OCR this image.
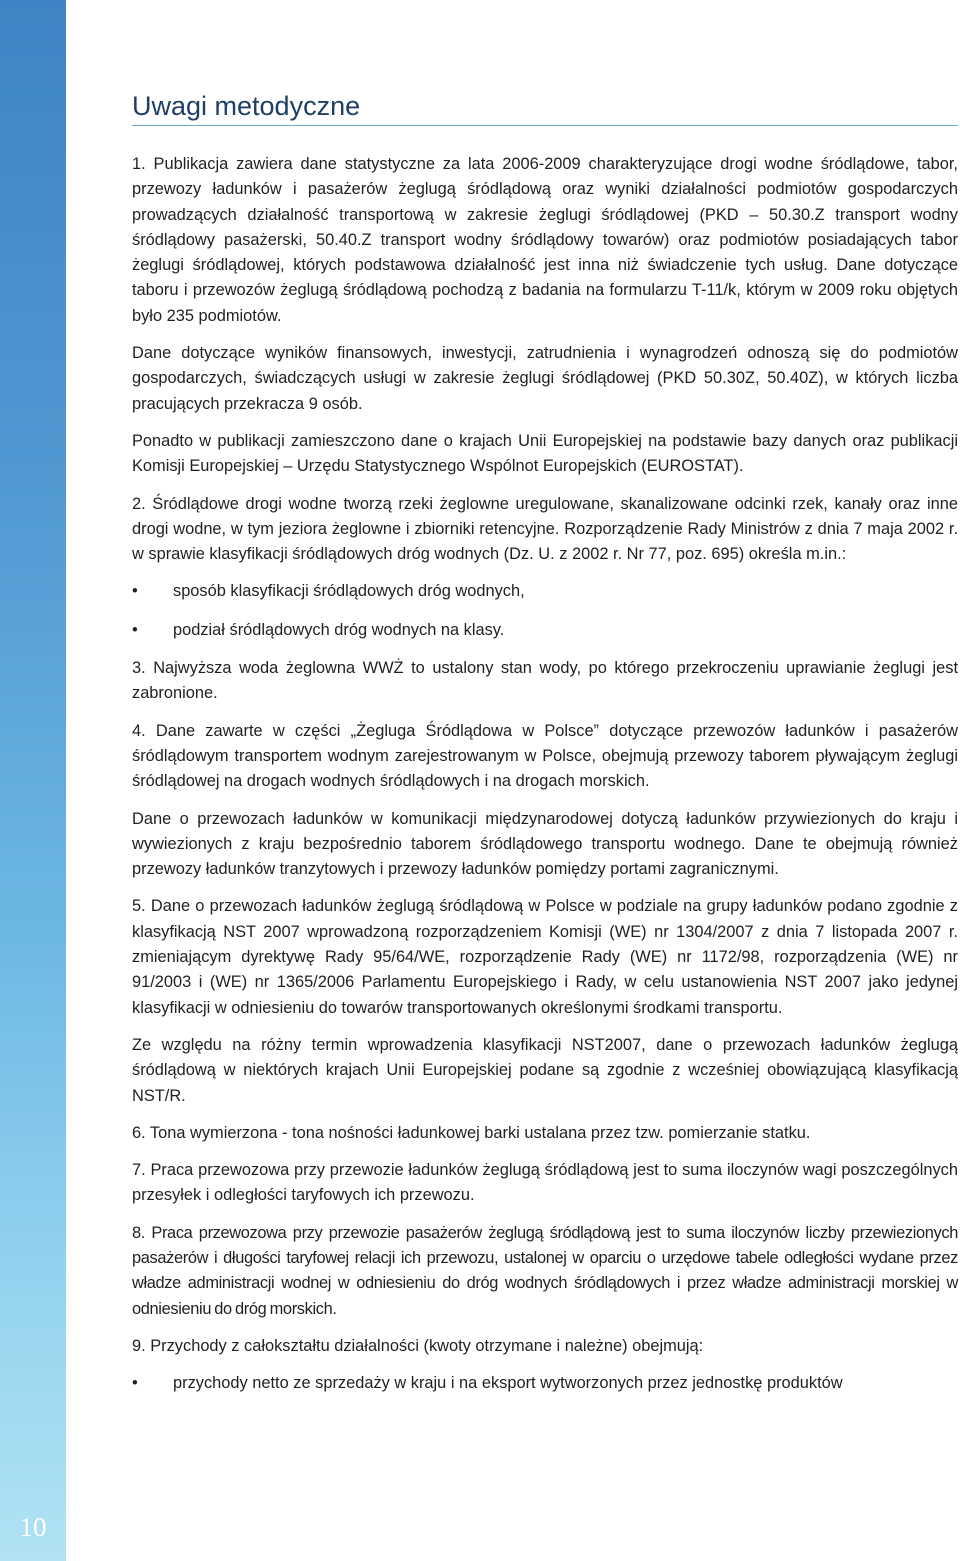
10
Uwagi metodyczne

1. Publikacja zawiera dane statystyczne za lata 2006-2009 charakteryzujące drogi wodne śródlądowe, tabor, przewozy ładunków i pasażerów żeglugą śródlądową oraz wyniki działalności podmiotów gospodarczych prowadzących działalność transportową w zakresie żeglugi śródlądowej (PKD – 50.30.Z transport wodny śródlądowy pasażerski, 50.40.Z transport wodny śródlądowy towarów) oraz podmiotów posiadających tabor żeglugi śródlądowej, których podstawowa działalność jest inna niż świadczenie tych usług. Dane dotyczące taboru i przewozów żeglugą śródlądową pochodzą z badania na formularzu T-11/k, którym w 2009 roku objętych było 235 podmiotów.

Dane dotyczące wyników finansowych, inwestycji, zatrudnienia i wynagrodzeń odnoszą się do podmiotów gospodarczych, świadczących usługi w zakresie żeglugi śródlądowej (PKD 50.30Z, 50.40Z), w których liczba pracujących przekracza 9 osób.

Ponadto w publikacji zamieszczono dane o krajach Unii Europejskiej na podstawie bazy danych oraz publikacji Komisji Europejskiej – Urzędu Statystycznego Wspólnot Europejskich (EUROSTAT).

2. Śródlądowe drogi wodne tworzą rzeki żeglowne uregulowane, skanalizowane odcinki rzek, kanały oraz inne drogi wodne, w tym jeziora żeglowne i zbiorniki retencyjne. Rozporządzenie Rady Ministrów z dnia 7 maja 2002 r. w sprawie klasyfikacji śródlądowych dróg wodnych (Dz. U. z 2002 r. Nr 77, poz. 695) określa m.in.:

• sposób klasyfikacji śródlądowych dróg wodnych,
• podział śródlądowych dróg wodnych na klasy.

3. Najwyższa woda żeglowna WWŻ to ustalony stan wody, po którego przekroczeniu uprawianie żeglugi jest zabronione.

4. Dane zawarte w części „Żegluga Śródlądowa w Polsce” dotyczące przewozów ładunków i pasażerów śródlądowym transportem wodnym zarejestrowanym w Polsce, obejmują przewozy taborem pływającym żeglugi śródlądowej na drogach wodnych śródlądowych i na drogach morskich.

Dane o przewozach ładunków w komunikacji międzynarodowej dotyczą ładunków przywiezionych do kraju i wywiezionych z kraju bezpośrednio taborem śródlądowego transportu wodnego. Dane te obejmują również przewozy ładunków tranzytowych i przewozy ładunków pomiędzy portami zagranicznymi.

5. Dane o przewozach ładunków żeglugą śródlądową w Polsce w podziale na grupy ładunków podano zgodnie z klasyfikacją NST 2007 wprowadzoną rozporządzeniem Komisji (WE) nr 1304/2007 z dnia 7 listopada 2007 r. zmieniającym dyrektywę Rady 95/64/WE, rozporządzenie Rady (WE) nr 1172/98, rozporządzenia (WE) nr 91/2003 i (WE) nr 1365/2006 Parlamentu Europejskiego i Rady, w celu ustanowienia NST 2007 jako jedynej klasyfikacji w odniesieniu do towarów transportowanych określonymi środkami transportu.

Ze względu na różny termin wprowadzenia klasyfikacji NST2007, dane o przewozach ładunków żeglugą śródlądową w niektórych krajach Unii Europejskiej podane są zgodnie z wcześniej obowiązującą klasyfikacją NST/R.

6. Tona wymierzona - tona nośności ładunkowej barki ustalana przez tzw. pomierzanie statku.

7. Praca przewozowa przy przewozie ładunków żeglugą śródlądową jest to suma iloczynów wagi poszczególnych przesyłek i odległości taryfowych ich przewozu.

8. Praca przewozowa przy przewozie pasażerów żeglugą śródlądową jest to suma iloczynów liczby przewiezionych pasażerów i długości taryfowej relacji ich przewozu, ustalonej w oparciu o urzędowe tabele odległości wydane przez władze administracji wodnej w odniesieniu do dróg wodnych śródlądowych i przez władze administracji morskiej w odniesieniu do dróg morskich.

9. Przychody z całokształtu działalności (kwoty otrzymane i należne) obejmują:

• przychody netto ze sprzedaży w kraju i na eksport wytworzonych przez jednostkę produktów
